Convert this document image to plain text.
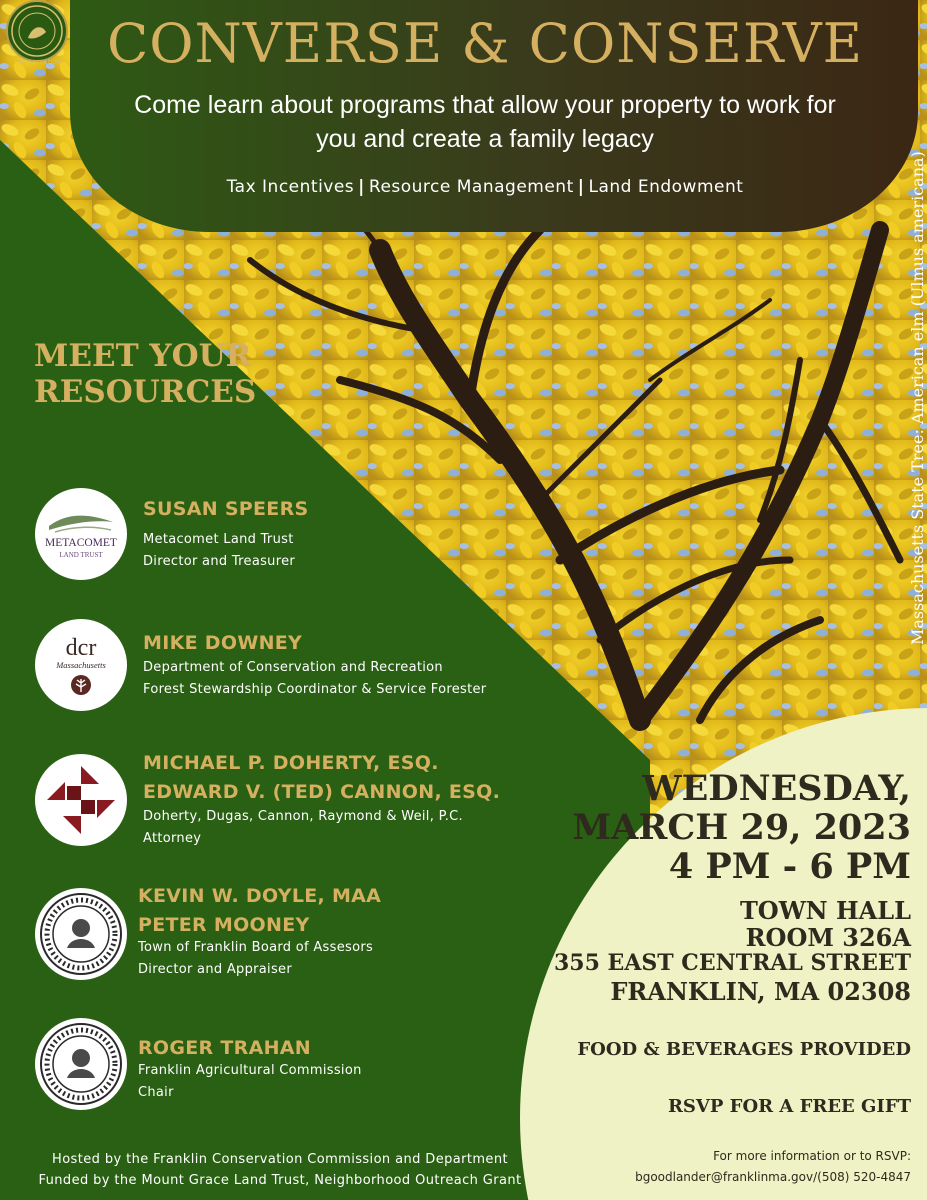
Conservation CONVERSE & CONSERVE

Come learn about programs that allow your property to work for you and create a family legacy

Tax Incentives | Resource Management | Land Endowment	Massachusetts State Tree: American elm (Ulmus americana)
MEET YOUR RESOURCES
METACOMET
LAND TRUST
SUSAN SPEERS
Metacomet Land Trust
Director and Treasurer
dcr
Massachusetts
MIKE DOWNEY
Department of Conservation and Recreation
Forest Stewardship Coordinator & Service Forester
MICHAEL P. DOHERTY, ESQ.
EDWARD V. (TED) CANNON, ESQ.
Doherty, Dugas, Cannon, Raymond & Weil, P.C.
Attorney
KEVIN W. DOYLE, MAA
PETER MOONEY
Town of Franklin Board of Assesors
Director and Appraiser
ROGER TRAHAN
Franklin Agricultural Commission
Chair
WEDNESDAY,
MARCH 29, 2023
4 PM - 6 PM
TOWN HALL
ROOM 326A
355 EAST CENTRAL STREET
FRANKLIN, MA 02308
FOOD & BEVERAGES PROVIDED
RSVP FOR A FREE GIFT
Hosted by the Franklin Conservation Commission and Department
Funded by the Mount Grace Land Trust, Neighborhood Outreach Grant
For more information or to RSVP:
bgoodlander@franklinma.gov/(508) 520-4847
